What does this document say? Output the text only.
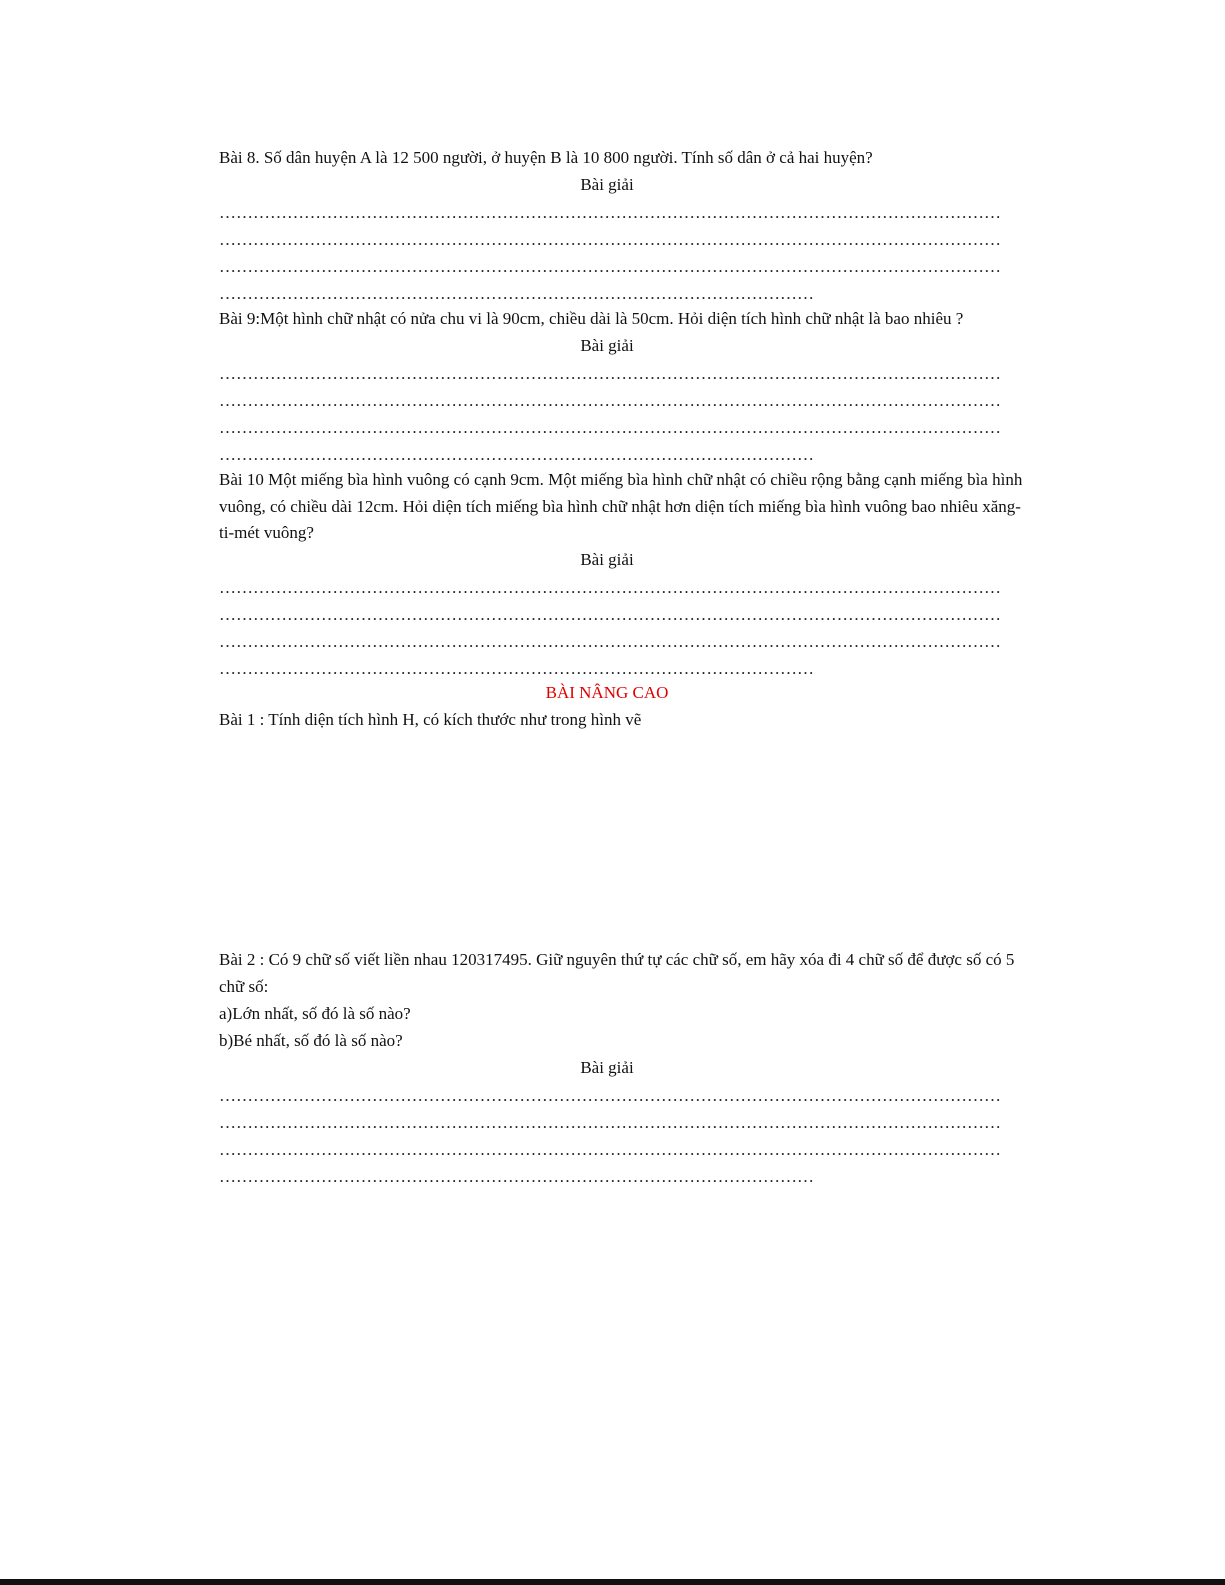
Bài 8. Số dân huyện A là 12 500 người, ở huyện B là 10 800 người. Tính số dân ở cả hai huyện?
Bài giải
…………………………………………………………………………………………………………………………
…………………………………………………………………………………………………………………………
…………………………………………………………………………………………………………………………
……………………………………………………………………………………………
Bài 9:Một hình chữ nhật có nửa chu vi là 90cm, chiều dài là 50cm. Hỏi diện tích hình chữ nhật là bao nhiêu ?
Bài giải
…………………………………………………………………………………………………………………………
…………………………………………………………………………………………………………………………
…………………………………………………………………………………………………………………………
……………………………………………………………………………………………
Bài 10 Một miếng bìa hình vuông có cạnh 9cm. Một miếng bìa hình chữ nhật có chiều rộng bằng cạnh miếng bìa hình
vuông, có chiều dài 12cm. Hỏi diện tích miếng bìa hình chữ nhật hơn diện tích miếng bìa hình vuông bao nhiêu xăng-
ti-mét vuông?
Bài giải
…………………………………………………………………………………………………………………………
…………………………………………………………………………………………………………………………
…………………………………………………………………………………………………………………………
……………………………………………………………………………………………
BÀI NÂNG CAO
Bài 1 : Tính diện tích hình H, có kích thước như trong hình vẽ
Bài 2 : Có 9 chữ số viết liền nhau 120317495. Giữ nguyên thứ tự các chữ số, em hãy xóa đi 4 chữ số để được số có 5
chữ số:
a)Lớn nhất, số đó là số nào?
b)Bé nhất, số đó là số nào?
Bài giải
…………………………………………………………………………………………………………………………
…………………………………………………………………………………………………………………………
…………………………………………………………………………………………………………………………
……………………………………………………………………………………………
